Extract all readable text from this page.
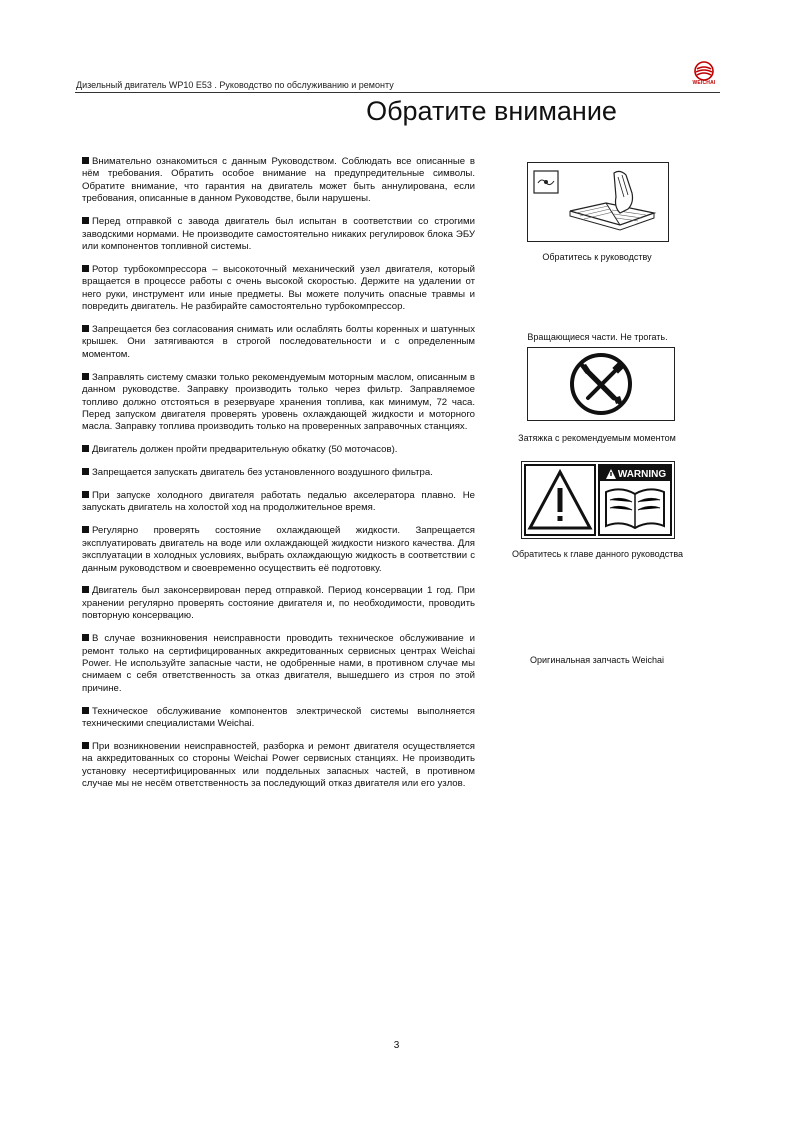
Дизельный двигатель WP10 E53 . Руководство по обслуживанию и ремонту	WEICHAI
Обратите внимание

Внимательно ознакомиться с данным Руководством. Соблюдать все описанные в нём требования. Обратить особое внимание на предупредительные символы. Обратите внимание, что гарантия на двигатель может быть аннулирована, если требования, описанные в данном Руководстве, были нарушены.

Перед отправкой с завода двигатель был испытан в соответствии со строгими заводскими нормами. Не производите самостоятельно никаких регулировок блока ЭБУ или компонентов топливной системы.

Ротор турбокомпрессора – высокоточный механический узел двигателя, который вращается в процессе работы с очень высокой скоростью. Держите на удалении от него руки, инструмент или иные предметы. Вы можете получить опасные травмы и повредить двигатель. Не разбирайте самостоятельно турбокомпрессор.

Запрещается без согласования снимать или ослаблять болты коренных и шатунных крышек. Они затягиваются в строгой последовательности и с определенным моментом.

Заправлять систему смазки только рекомендуемым моторным маслом, описанным в данном руководстве. Заправку производить только через фильтр. Заправляемое топливо должно отстояться в резервуаре хранения топлива, как минимум, 72 часа. Перед запуском двигателя проверять уровень охлаждающей жидкости и моторного масла. Заправку топлива производить только на проверенных заправочных станциях.

Двигатель должен пройти предварительную обкатку (50 моточасов).

Запрещается запускать двигатель без установленного воздушного фильтра.

При запуске холодного двигателя работать педалью акселератора плавно. Не запускать двигатель на холостой ход на продолжительное время.

Регулярно проверять состояние охлаждающей жидкости. Запрещается эксплуатировать двигатель на воде или охлаждающей жидкости низкого качества. Для эксплуатации в холодных условиях, выбрать охлаждающую жидкость в соответствии с данным руководством и своевременно осуществить её подготовку.

Двигатель был законсервирован перед отправкой. Период консервации 1 год. При хранении регулярно проверять состояние двигателя и, по необходимости, проводить повторную консервацию.

В случае возникновения неисправности проводить техническое обслуживание и ремонт только на сертифицированных аккредитованных сервисных центрах Weichai Power. Не используйте запасные части, не одобренные нами, в противном случае мы снимаем с себя ответственность за отказ двигателя, вышедшего из строя по этой причине.

Техническое обслуживание компонентов электрической системы выполняется техническими специалистами Weichai.

При возникновении неисправностей, разборка и ремонт двигателя осуществляется на аккредитованных со стороны Weichai Power сервисных станциях. Не производить установку несертифицированных или поддельных запасных частей, в противном случае мы не несём ответственность за последующий отказ двигателя или его узлов.

Обратитесь к руководству
Вращающиеся части. Не трогать.
Затяжка с рекомендуемым моментом
WARNING
Обратитесь к главе данного руководства
Оригинальная запчасть Weichai
3
